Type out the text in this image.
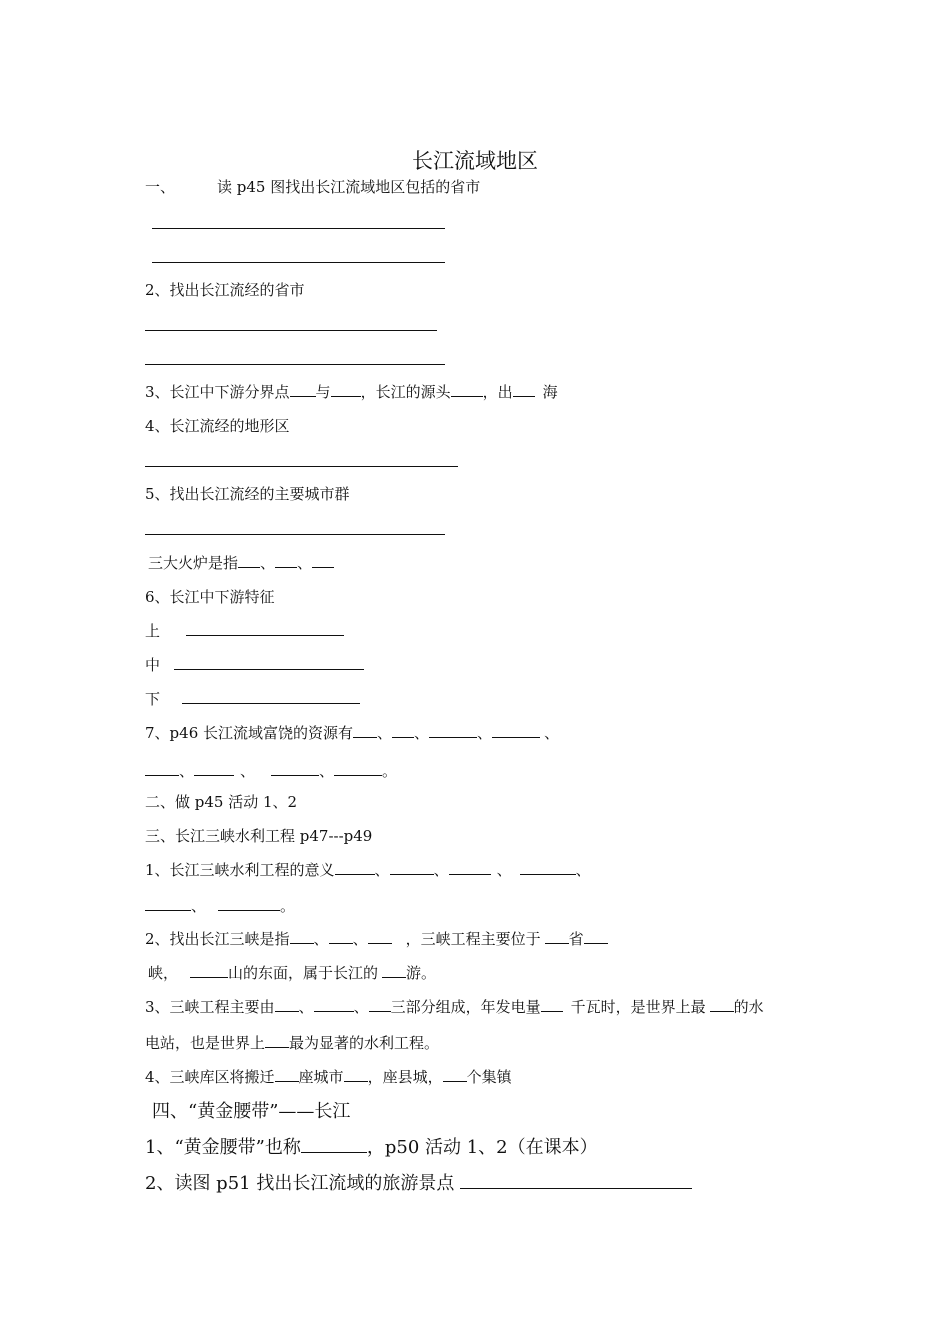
长江流域地区
一、	读 p45 图找出长江流域地区包括的省市
2、找出长江流经的省市
3、长江中下游分界点 与 ，长江的源头 ，出 海
4、长江流经的地形区
5、找出长江流经的主要城市群
三大火炉是指 、 、
6、长江中下游特征
上
中
下
7、p46 长江流域富饶的资源有 、 、	、	、
、	、	、	。
二、做 p45 活动 1、2
三、长江三峡水利工程 p47---p49
1、长江三峡水利工程的意义	、	、	、	、
、	。
2、找出长江三峡是指 、 、	，三峡工程主要位于 省
峡，	山的东面，属于长江的 游。
3、三峡工程主要由 、	、 三部分组成，年发电量 千瓦时，是世界上最 的水
电站，也是世界上 最为显著的水利工程。
4、三峡库区将搬迁 座城市 ，座县城， 个集镇
四、“黄金腰带”——长江
1、“黄金腰带”也称	，p50 活动 1、2（在课本）
2、读图 p51 找出长江流域的旅游景点
